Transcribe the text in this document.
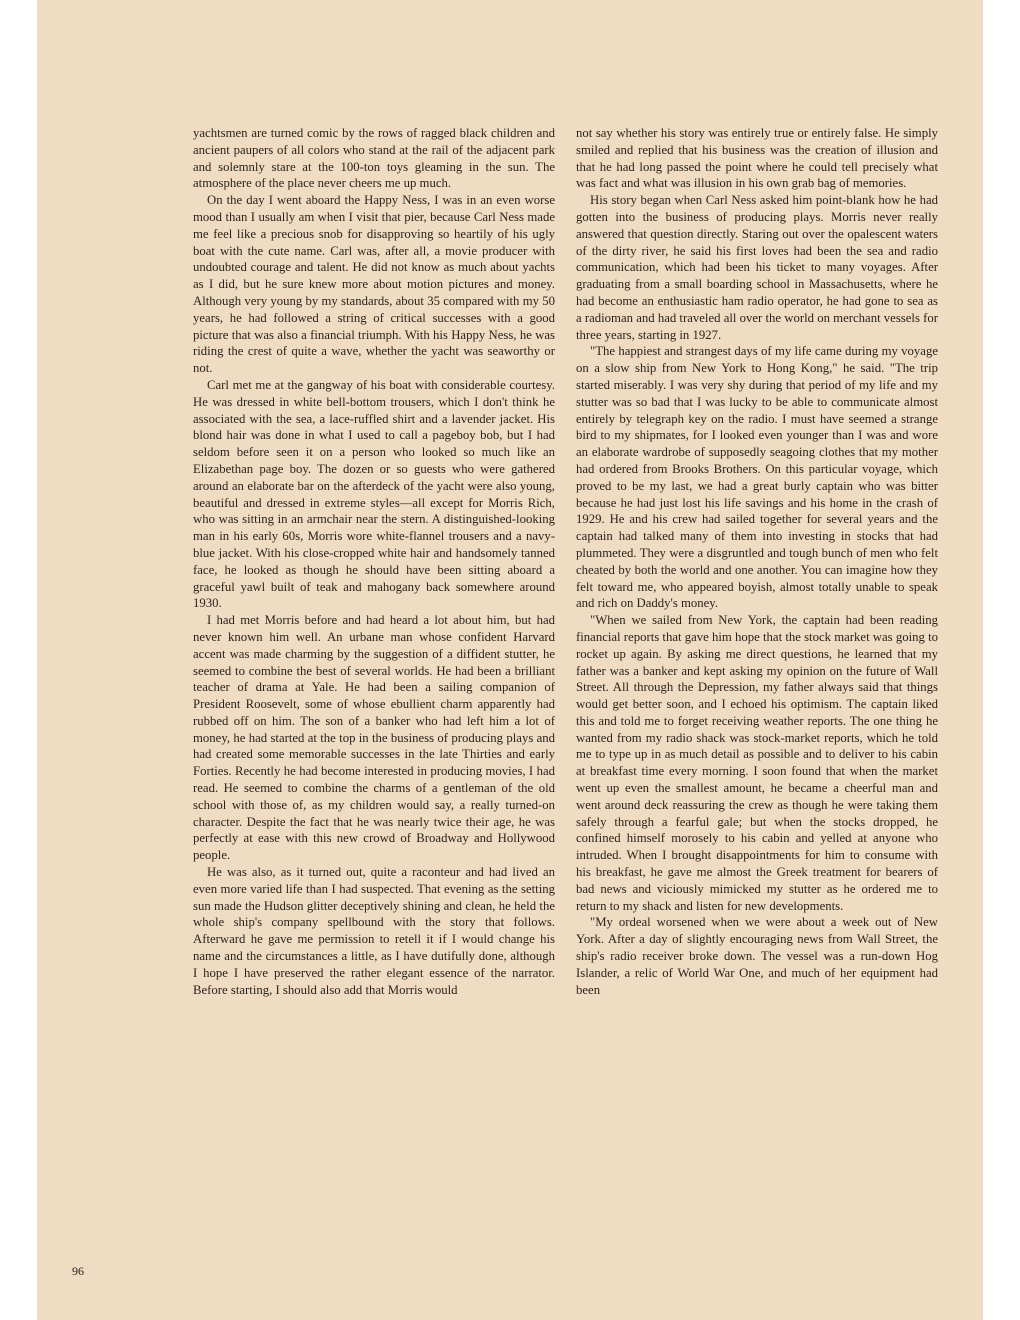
yachtsmen are turned comic by the rows of ragged black children and ancient paupers of all colors who stand at the rail of the adjacent park and solemnly stare at the 100-ton toys gleaming in the sun. The atmosphere of the place never cheers me up much.

On the day I went aboard the Happy Ness, I was in an even worse mood than I usually am when I visit that pier, because Carl Ness made me feel like a precious snob for disapproving so heartily of his ugly boat with the cute name. Carl was, after all, a movie producer with undoubted courage and talent. He did not know as much about yachts as I did, but he sure knew more about motion pictures and money. Although very young by my standards, about 35 compared with my 50 years, he had followed a string of critical successes with a good picture that was also a financial triumph. With his Happy Ness, he was riding the crest of quite a wave, whether the yacht was seaworthy or not.

Carl met me at the gangway of his boat with considerable courtesy. He was dressed in white bell-bottom trousers, which I don't think he associated with the sea, a lace-ruffled shirt and a lavender jacket. His blond hair was done in what I used to call a pageboy bob, but I had seldom before seen it on a person who looked so much like an Elizabethan page boy. The dozen or so guests who were gathered around an elaborate bar on the afterdeck of the yacht were also young, beautiful and dressed in extreme styles—all except for Morris Rich, who was sitting in an armchair near the stern. A distinguished-looking man in his early 60s, Morris wore white-flannel trousers and a navy-blue jacket. With his close-cropped white hair and handsomely tanned face, he looked as though he should have been sitting aboard a graceful yawl built of teak and mahogany back somewhere around 1930.

I had met Morris before and had heard a lot about him, but had never known him well. An urbane man whose confident Harvard accent was made charming by the suggestion of a diffident stutter, he seemed to combine the best of several worlds. He had been a brilliant teacher of drama at Yale. He had been a sailing companion of President Roosevelt, some of whose ebullient charm apparently had rubbed off on him. The son of a banker who had left him a lot of money, he had started at the top in the business of producing plays and had created some memorable successes in the late Thirties and early Forties. Recently he had become interested in producing movies, I had read. He seemed to combine the charms of a gentleman of the old school with those of, as my children would say, a really turned-on character. Despite the fact that he was nearly twice their age, he was perfectly at ease with this new crowd of Broadway and Hollywood people.

He was also, as it turned out, quite a raconteur and had lived an even more varied life than I had suspected. That evening as the setting sun made the Hudson glitter deceptively shining and clean, he held the whole ship's company spellbound with the story that follows. Afterward he gave me permission to retell it if I would change his name and the circumstances a little, as I have dutifully done, although I hope I have preserved the rather elegant essence of the narrator. Before starting, I should also add that Morris would

not say whether his story was entirely true or entirely false. He simply smiled and replied that his business was the creation of illusion and that he had long passed the point where he could tell precisely what was fact and what was illusion in his own grab bag of memories.

His story began when Carl Ness asked him point-blank how he had gotten into the business of producing plays. Morris never really answered that question directly. Staring out over the opalescent waters of the dirty river, he said his first loves had been the sea and radio communication, which had been his ticket to many voyages. After graduating from a small boarding school in Massachusetts, where he had become an enthusiastic ham radio operator, he had gone to sea as a radioman and had traveled all over the world on merchant vessels for three years, starting in 1927.

"The happiest and strangest days of my life came during my voyage on a slow ship from New York to Hong Kong," he said. "The trip started miserably. I was very shy during that period of my life and my stutter was so bad that I was lucky to be able to communicate almost entirely by telegraph key on the radio. I must have seemed a strange bird to my shipmates, for I looked even younger than I was and wore an elaborate wardrobe of supposedly seagoing clothes that my mother had ordered from Brooks Brothers. On this particular voyage, which proved to be my last, we had a great burly captain who was bitter because he had just lost his life savings and his home in the crash of 1929. He and his crew had sailed together for several years and the captain had talked many of them into investing in stocks that had plummeted. They were a disgruntled and tough bunch of men who felt cheated by both the world and one another. You can imagine how they felt toward me, who appeared boyish, almost totally unable to speak and rich on Daddy's money.

"When we sailed from New York, the captain had been reading financial reports that gave him hope that the stock market was going to rocket up again. By asking me direct questions, he learned that my father was a banker and kept asking my opinion on the future of Wall Street. All through the Depression, my father always said that things would get better soon, and I echoed his optimism. The captain liked this and told me to forget receiving weather reports. The one thing he wanted from my radio shack was stock-market reports, which he told me to type up in as much detail as possible and to deliver to his cabin at breakfast time every morning. I soon found that when the market went up even the smallest amount, he became a cheerful man and went around deck reassuring the crew as though he were taking them safely through a fearful gale; but when the stocks dropped, he confined himself morosely to his cabin and yelled at anyone who intruded. When I brought disappointments for him to consume with his breakfast, he gave me almost the Greek treatment for bearers of bad news and viciously mimicked my stutter as he ordered me to return to my shack and listen for new developments.

"My ordeal worsened when we were about a week out of New York. After a day of slightly encouraging news from Wall Street, the ship's radio receiver broke down. The vessel was a run-down Hog Islander, a relic of World War One, and much of her equipment had been

96
